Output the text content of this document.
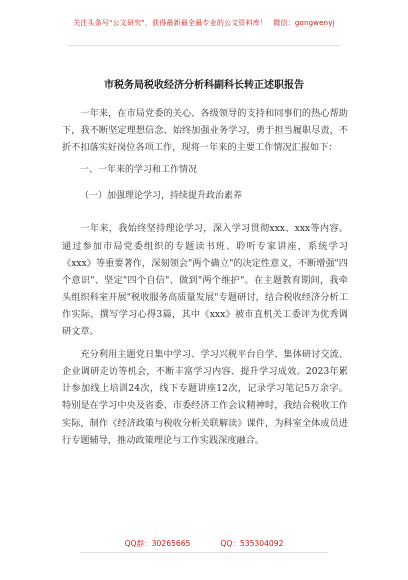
关注头条号"公文研究"，获得最新最全最专业的公文资料库！ 微信：gongwenyj
市税务局税收经济分析科副科长转正述职报告

一年来，在市局党委的关心、各级领导的支持和同事们的热心帮助下，我不断坚定理想信念、始终加强业务学习，勇于担当履职尽责，不折不扣落实好岗位各项工作，现将一年来的主要工作情况汇报如下：

一、一年来的学习和工作情况

（一）加强理论学习，持续提升政治素养

一年来，我始终坚持理论学习，深入学习贯彻xxx、xxx等内容。通过参加市局党委组织的专题读书班、聆听专家讲座，系统学习《xxx》等重要著作，深刻领会"两个确立"的决定性意义，不断增强"四个意识"、坚定"四个自信"、做到"两个维护"。在主题教育期间，我牵头组织科室开展"税收服务高质量发展"专题研讨，结合税收经济分析工作实际，撰写学习心得3篇，其中《xxx》被市直机关工委评为优秀调研文章。

充分利用主题党日集中学习、学习兴税平台自学、集体研讨交流、企业调研走访等机会，不断丰富学习内容、提升学习成效。2023年累计参加线上培训24次，线下专题讲座12次，记录学习笔记5万余字。特别是在学习中央及省委、市委经济工作会议精神时，我结合税收工作实际，制作《经济政策与税收分析关联解读》课件，为科室全体成员进行专题辅导，推动政策理论与工作实践深度融合。

QQ群：30265665	QQ：535304092
